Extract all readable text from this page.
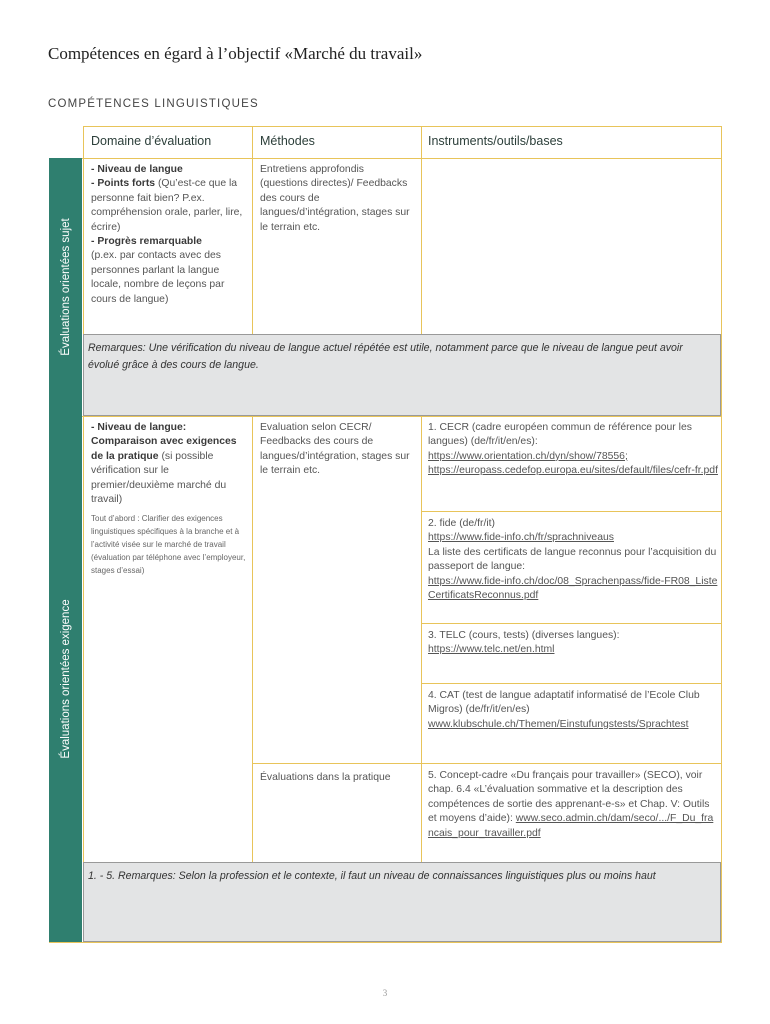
Compétences en égard à l’objectif «Marché du travail»
COMPÉTENCES LINGUISTIQUES
Domaine d’évaluation	Méthodes	Instruments/outils/bases
Évaluations orientées sujet
Évaluations orientées exigence
- Niveau de langue
- Points forts (Qu’est-ce que la personne fait bien? P.ex. compréhension orale, parler, lire, écrire)
- Progrès remarquable
(p.ex. par contacts avec des personnes parlant la langue locale, nombre de leçons par cours de langue)
Entretiens approfondis (questions directes)/ Feedbacks des cours de langues/d’intégration, stages sur le terrain etc.
Remarques: Une vérification du niveau de langue actuel répétée est utile, notamment parce que le niveau de langue peut avoir évolué grâce à des cours de langue.
- Niveau de langue: Comparaison avec exigences de la pratique (si possible vérification sur le premier/deuxième marché du travail)
Tout d’abord : Clarifier des exigences linguistiques spécifiques à la branche et à l’activité visée sur le marché de travail (évaluation par téléphone avec l’employeur, stages d’essai)
Evaluation selon CECR/ Feedbacks des cours de langues/d’intégration, stages sur le terrain etc.
Évaluations dans la pratique
1. CECR (cadre européen commun de référence pour les langues) (de/fr/it/en/es):
https://www.orientation.ch/dyn/show/78556;
https://europass.cedefop.europa.eu/sites/default/files/cefr-fr.pdf
2. fide (de/fr/it)
https://www.fide-info.ch/fr/sprachniveaus
La liste des certificats de langue reconnus pour l’acquisition du passeport de langue:
https://www.fide-info.ch/doc/08_Sprachenpass/fide-FR08_ListeCertificatsReconnus.pdf
3. TELC (cours, tests) (diverses langues):
https://www.telc.net/en.html
4. CAT (test de langue adaptatif informatisé de l’Ecole Club Migros) (de/fr/it/en/es)
www.klubschule.ch/Themen/Einstufungstests/Sprachtest
5. Concept-cadre «Du français pour travailler» (SECO), voir chap. 6.4 «L’évaluation sommative et la description des compétences de sortie des apprenant-e-s» et Chap. V: Outils et moyens d’aide): www.seco.admin.ch/dam/seco/.../F_Du_francais_pour_travailler.pdf
1. - 5. Remarques: Selon la profession et le contexte, il faut un niveau de connaissances linguistiques plus ou moins haut
3
